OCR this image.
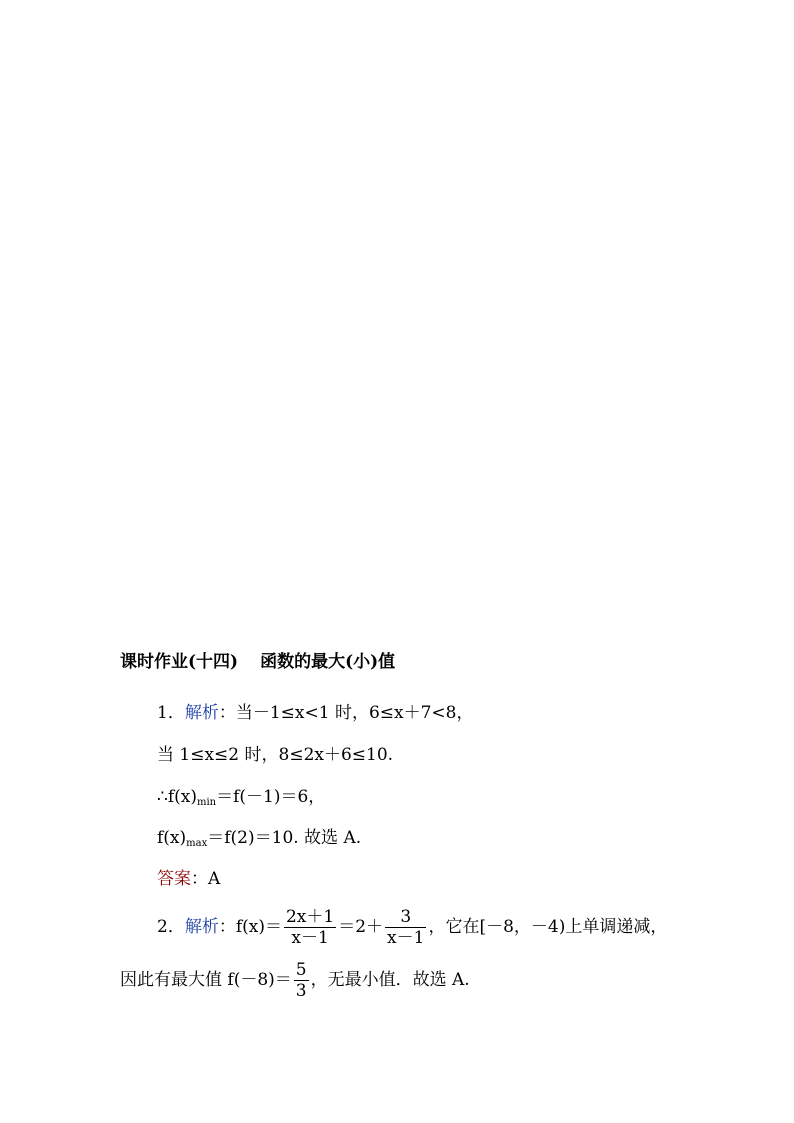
课时作业(十四) 函数的最大(小)值
1．解析：当－1≤x<1 时，6≤x＋7<8，
当 1≤x≤2 时，8≤2x＋6≤10.
$\therefore f(x)_{min}=f(-1)=6$，
$f(x)_{max}=f(2)=10$. 故选 A.
答案：A
2．解析：$f(x)= \frac{2x+1}{x-1} =2+ \frac{3}{x-1}$ ，它在[－8，－4)上单调递减，
因此有最大值 $f(-8)= \frac{5}{3}$ ，无最小值．故选 A.
